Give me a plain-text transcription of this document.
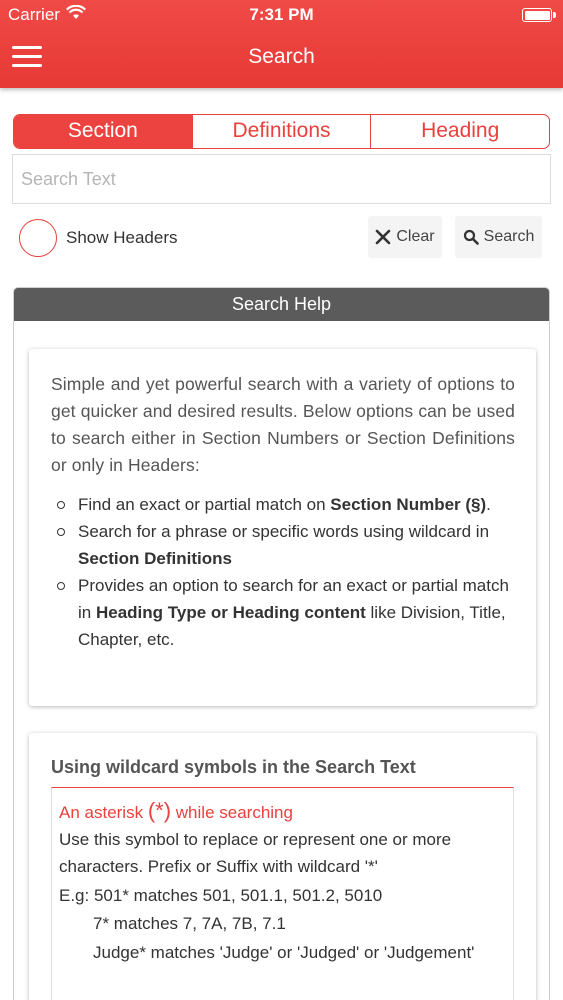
Carrier	7:31 PM
Search
Section	Definitions	Heading
Search Text
Show Headers	Clear	Search
Search Help

Simple and yet powerful search with a variety of options to get quicker and desired results. Below options can be used to search either in Section Numbers or Section Definitions or only in Headers:

Find an exact or partial match on Section Number (§).
Search for a phrase or specific words using wildcard in Section Definitions
Provides an option to search for an exact or partial match in Heading Type or Heading content like Division, Title, Chapter, etc.
Using wildcard symbols in the Search Text
An asterisk (*) while searching
Use this symbol to replace or represent one or more characters. Prefix or Suffix with wildcard '*'
E.g: 501* matches 501, 501.1, 501.2, 5010
7* matches 7, 7A, 7B, 7.1
Judge* matches 'Judge' or 'Judged' or 'Judgement'
